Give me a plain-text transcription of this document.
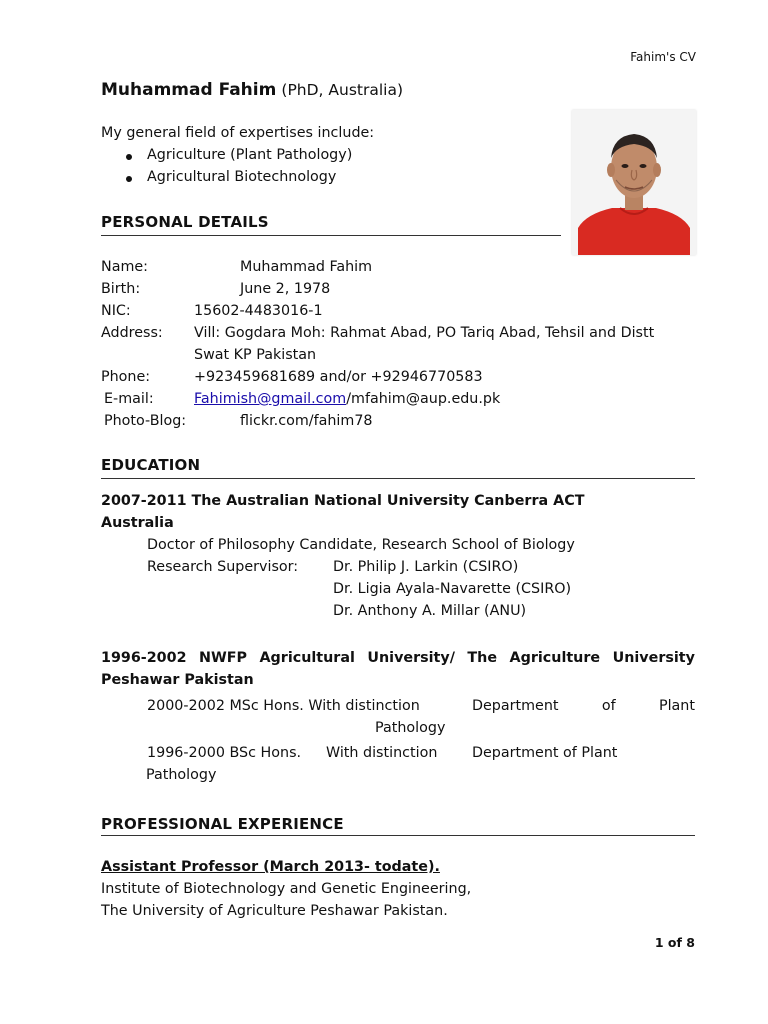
Fahim's CV
Muhammad Fahim (PhD, Australia)
My general field of expertises include:
Agriculture (Plant Pathology)
Agricultural Biotechnology
PERSONAL DETAILS
Name:	Muhammad Fahim
Birth:	June 2, 1978
NIC:	15602-4483016-1
Address: Vill: Gogdara Moh: Rahmat Abad, PO Tariq Abad, Tehsil and Distt
Swat KP Pakistan
Phone:	+923459681689 and/or +92946770583
E-mail:	Fahimish@gmail.com/mfahim@aup.edu.pk
Photo-Blog:	flickr.com/fahim78
EDUCATION
2007-2011 The Australian National University Canberra ACT
Australia
Doctor of Philosophy Candidate, Research School of Biology
Research Supervisor: Dr. Philip J. Larkin (CSIRO)
Dr. Ligia Ayala-Navarette (CSIRO)
Dr. Anthony A. Millar (ANU)
1996-2002 NWFP Agricultural University/ The Agriculture University
Peshawar Pakistan
2000-2002 MSc Hons. With distinction	Department	of	Plant
Pathology
1996-2000 BSc Hons. With distinction Department of Plant
Pathology
PROFESSIONAL EXPERIENCE
Assistant Professor (March 2013- todate).
Institute of Biotechnology and Genetic Engineering,
The University of Agriculture Peshawar Pakistan.
1 of 8
